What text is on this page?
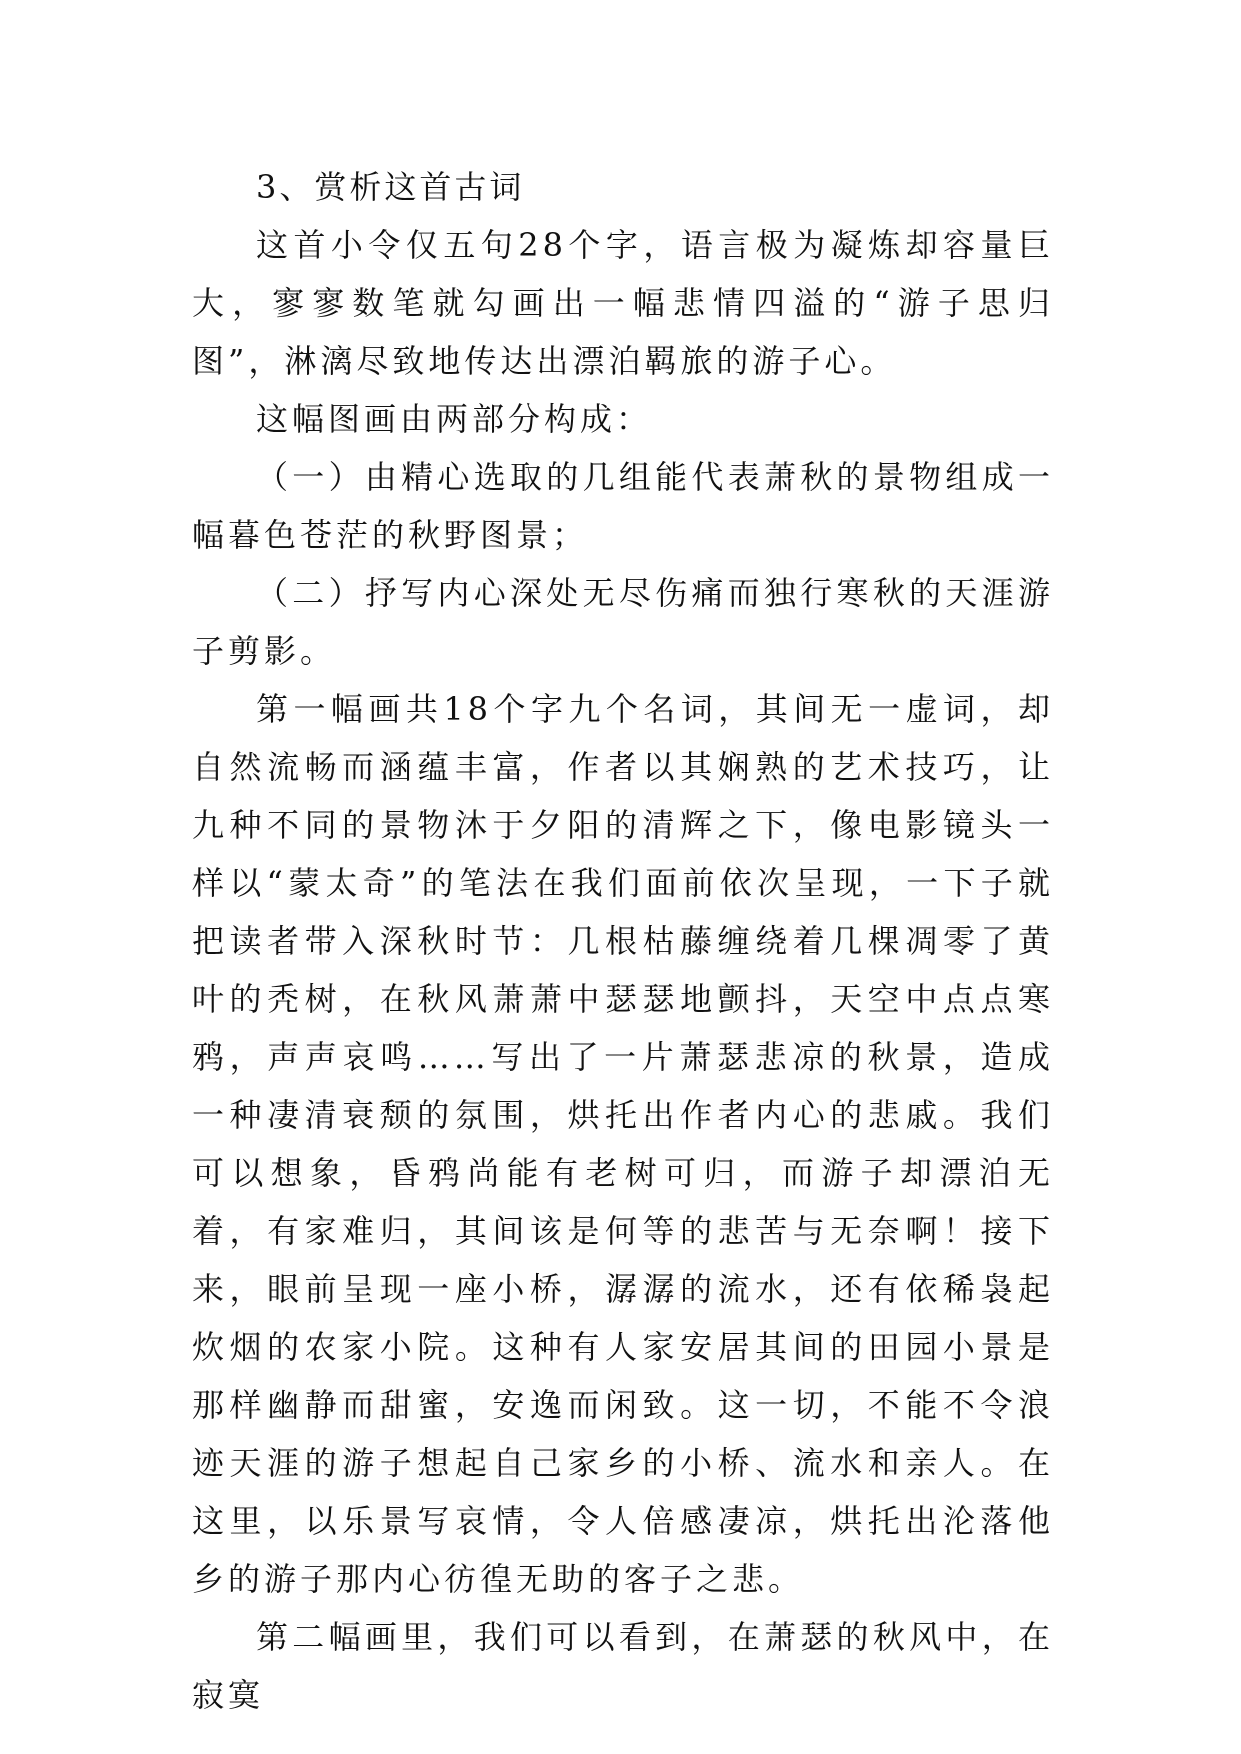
3、赏析这首古词

这首小令仅五句28个字，语言极为凝炼却容量巨大，寥寥数笔就勾画出一幅悲情四溢的“游子思归图”，淋漓尽致地传达出漂泊羁旅的游子心。

这幅图画由两部分构成：

（一）由精心选取的几组能代表萧秋的景物组成一幅暮色苍茫的秋野图景；

（二）抒写内心深处无尽伤痛而独行寒秋的天涯游子剪影。

第一幅画共18个字九个名词，其间无一虚词，却自然流畅而涵蕴丰富，作者以其娴熟的艺术技巧，让九种不同的景物沐于夕阳的清辉之下，像电影镜头一样以“蒙太奇”的笔法在我们面前依次呈现，一下子就把读者带入深秋时节：几根枯藤缠绕着几棵凋零了黄叶的秃树，在秋风萧萧中瑟瑟地颤抖，天空中点点寒鸦，声声哀鸣……写出了一片萧瑟悲凉的秋景，造成一种凄清衰颓的氛围，烘托出作者内心的悲戚。我们可以想象，昏鸦尚能有老树可归，而游子却漂泊无着，有家难归，其间该是何等的悲苦与无奈啊！接下来，眼前呈现一座小桥，潺潺的流水，还有依稀袅起炊烟的农家小院。这种有人家安居其间的田园小景是那样幽静而甜蜜，安逸而闲致。这一切，不能不令浪迹天涯的游子想起自己家乡的小桥、流水和亲人。在这里，以乐景写哀情，令人倍感凄凉，烘托出沦落他乡的游子那内心彷徨无助的客子之悲。

第二幅画里，我们可以看到，在萧瑟的秋风中，在寂寞
